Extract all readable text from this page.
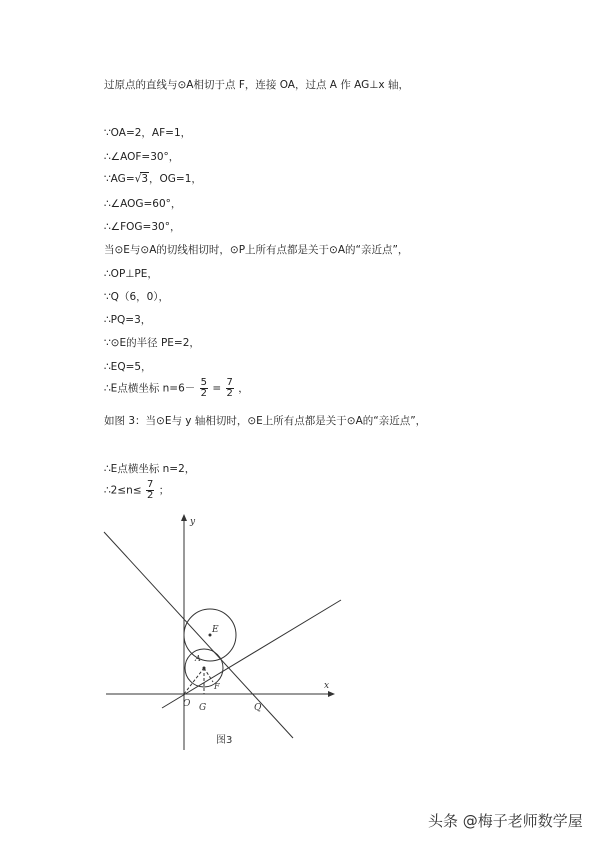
过原点的直线与⊙A相切于点 F，连接 OA，过点 A 作 AG⊥x 轴，
∵OA=2，AF=1，
∴∠AOF=30°，
∵AG=√3，OG=1，
∴∠AOG=60°，
∴∠FOG=30°，
当⊙E与⊙A的切线相切时，⊙P上所有点都是关于⊙A的“亲近点”，
∴OP⊥PE，
∵Q（6，0），
∴PQ=3，
∵⊙E的半径 PE=2，
∴EQ=5，
∴E点横坐标 $n=6- \frac{5}{2} = \frac{7}{2}$ ，
如图 3：当⊙E与 y 轴相切时，⊙E上所有点都是关于⊙A的“亲近点”，
∴E点横坐标 n=2，
∴2≤n≤ $\frac{7}{2}$ ；
y
x
E
A
F
O G	Q
图3
头条 @梅子老师数学屋
